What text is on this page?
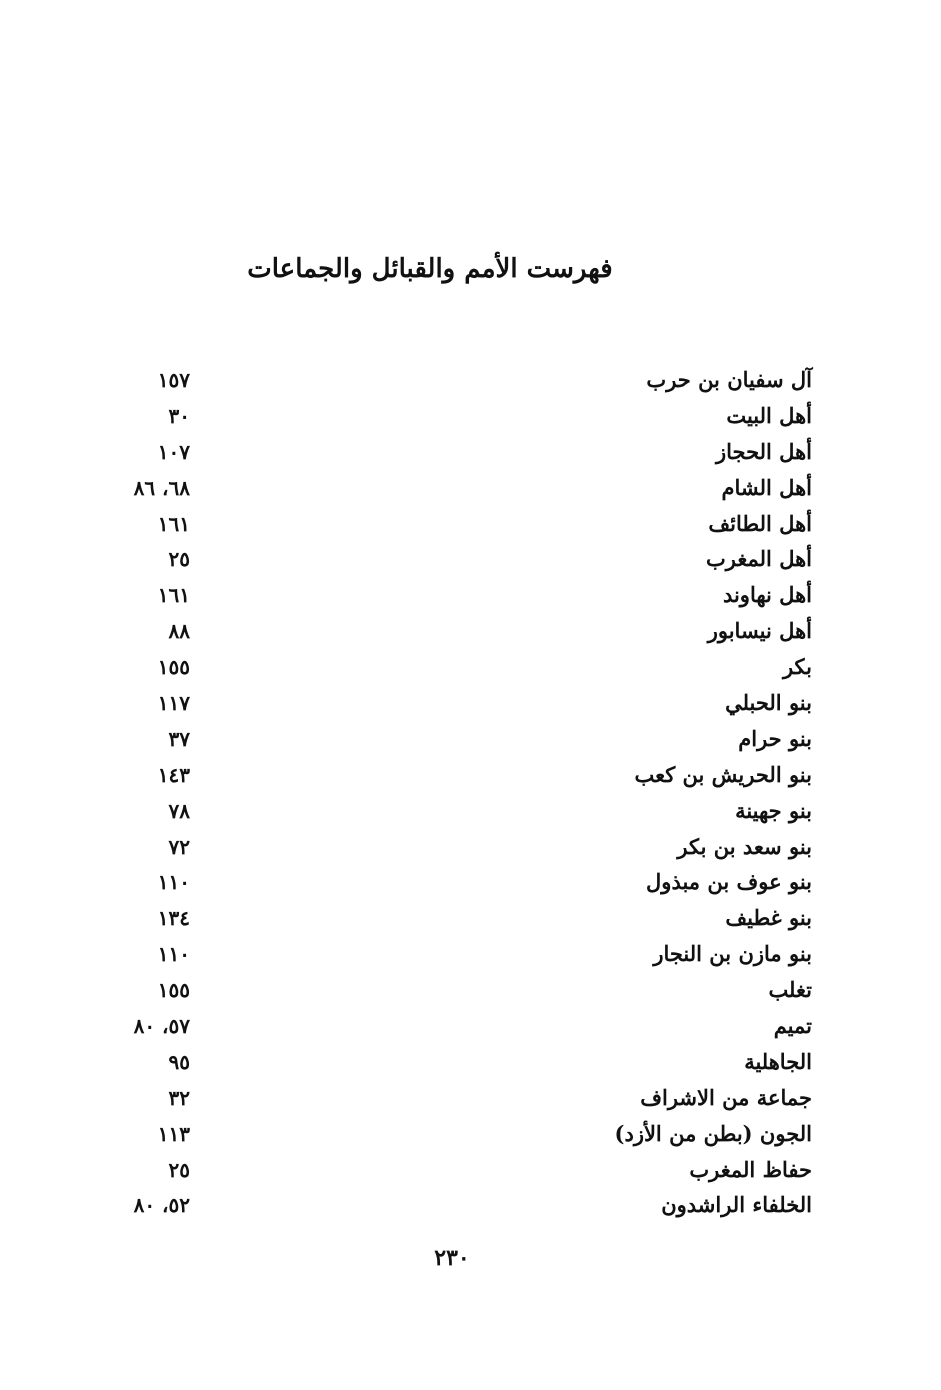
فهرست الأمم والقبائل والجماعات
آل سفيان بن حرب
١٥٧
أهل البيت
٣٠
أهل الحجاز
١٠٧
أهل الشام
٦٨، ٨٦
أهل الطائف
١٦١
أهل المغرب
٢٥
أهل نهاوند
١٦١
أهل نيسابور
٨٨
بكر
١٥٥
بنو الحبلي
١١٧
بنو حرام
٣٧
بنو الحريش بن كعب
١٤٣
بنو جهينة
٧٨
بنو سعد بن بكر
٧٢
بنو عوف بن مبذول
١١٠
بنو غطيف
١٣٤
بنو مازن بن النجار
١١٠
تغلب
١٥٥
تميم
٥٧، ٨٠
الجاهلية
٩٥
جماعة من الاشراف
٣٢
الجون (بطن من الأزد)
١١٣
حفاظ المغرب
٢٥
الخلفاء الراشدون
٥٢، ٨٠
٢٣٠
